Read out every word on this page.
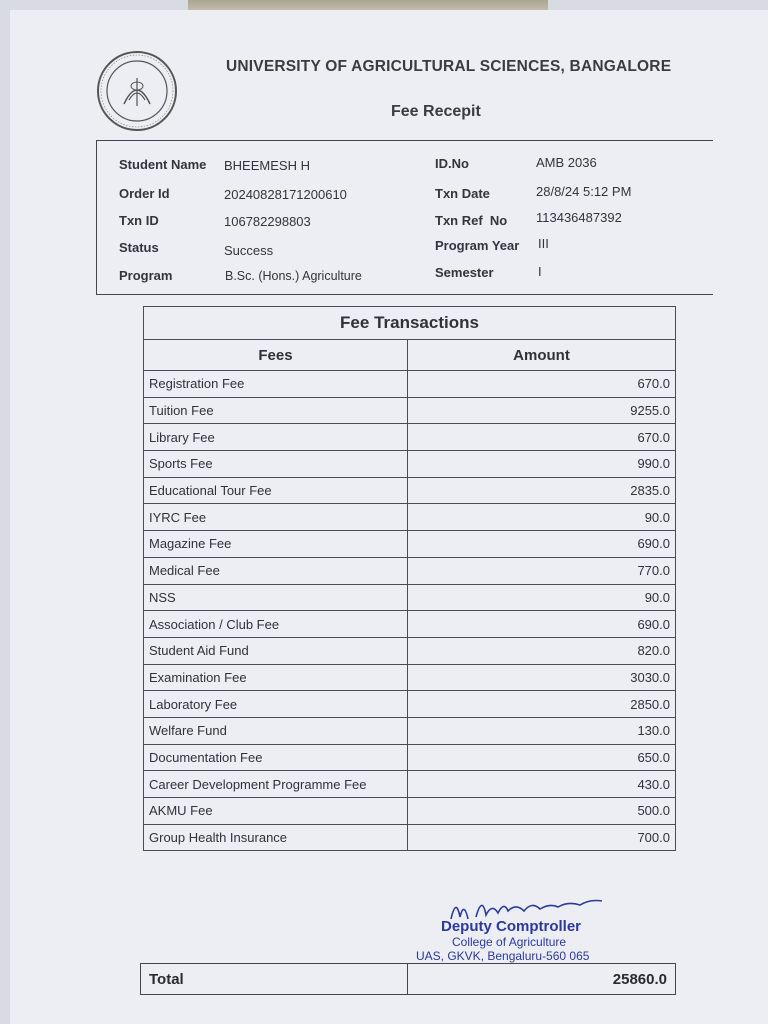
UNIVERSITY OF AGRICULTURAL SCIENCES, BANGALORE
Fee Recepit
Student Name BHEEMESH H
Order Id	20240828171200610
Txn ID	106782298803
Status	Success
Program	B.Sc. (Hons.) Agriculture
ID.No	AMB 2036
Txn Date	28/8/24 5:12 PM
Txn Ref  No 113436487392
Program Year III
Semester	I
Fee Transactions	
Fees	Amount
Registration Fee	670.0
Tuition Fee	9255.0
Library Fee	670.0
Sports Fee	990.0
Educational Tour Fee	2835.0
IYRC Fee	90.0
Magazine Fee	690.0
Medical Fee	770.0
NSS	90.0
Association / Club Fee	690.0
Student Aid Fund	820.0
Examination Fee	3030.0
Laboratory Fee	2850.0
Welfare Fund	130.0
Documentation Fee	650.0
Career Development Programme Fee	430.0
AKMU Fee	500.0
Group Health Insurance	700.0
Deputy Comptroller
College of Agriculture
UAS, GKVK, Bengaluru-560 065
Total	25860.0
